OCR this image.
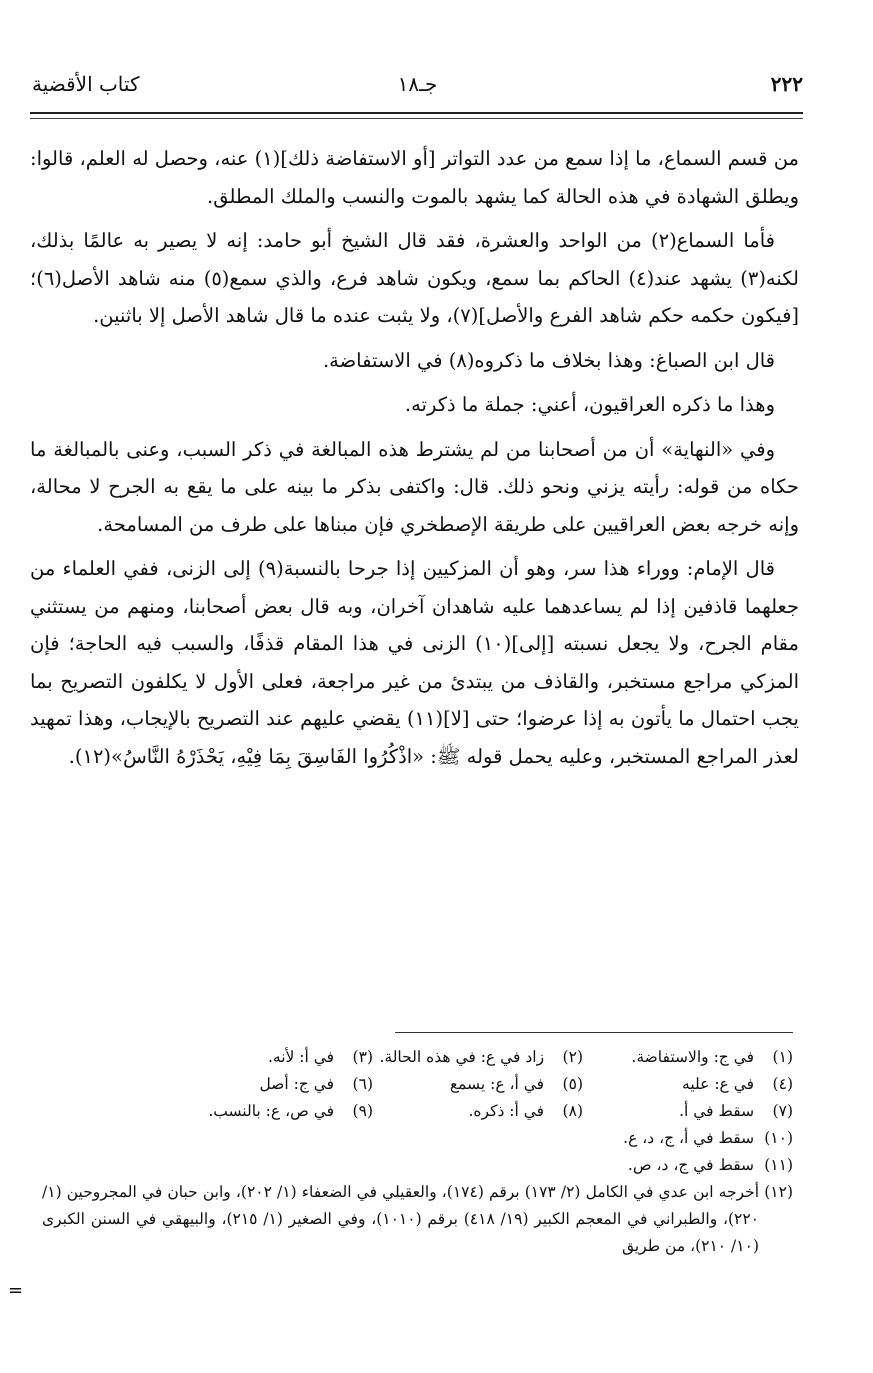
٢٢٢
جـ١٨
كتاب الأقضية

من قسم السماع، ما إذا سمع من عدد التواتر [أو الاستفاضة ذلك](١) عنه، وحصل له العلم، قالوا: ويطلق الشهادة في هذه الحالة كما يشهد بالموت والنسب والملك المطلق.

فأما السماع(٢) من الواحد والعشرة، فقد قال الشيخ أبو حامد: إنه لا يصير به عالمًا بذلك، لكنه(٣) يشهد عند(٤) الحاكم بما سمع، ويكون شاهد فرع، والذي سمع(٥) منه شاهد الأصل(٦)؛ [فيكون حكمه حكم شاهد الفرع والأصل](٧)، ولا يثبت عنده ما قال شاهد الأصل إلا باثنين.

قال ابن الصباغ: وهذا بخلاف ما ذكروه(٨) في الاستفاضة.

وهذا ما ذكره العراقيون، أعني: جملة ما ذكرته.

وفي «النهاية» أن من أصحابنا من لم يشترط هذه المبالغة في ذكر السبب، وعنى بالمبالغة ما حكاه من قوله: رأيته يزني ونحو ذلك. قال: واكتفى بذكر ما بينه على ما يقع به الجرح لا محالة، وإنه خرجه بعض العراقيين على طريقة الإصطخري فإن مبناها على طرف من المسامحة.

قال الإمام: ووراء هذا سر، وهو أن المزكيين إذا جرحا بالنسبة(٩) إلى الزنى، ففي العلماء من جعلهما قاذفين إذا لم يساعدهما عليه شاهدان آخران، وبه قال بعض أصحابنا، ومنهم من يستثني مقام الجرح، ولا يجعل نسبته [إلى](١٠) الزنى في هذا المقام قذفًا، والسبب فيه الحاجة؛ فإن المزكي مراجع مستخبر، والقاذف من يبتدئ من غير مراجعة، فعلى الأول لا يكلفون التصريح بما يجب احتمال ما يأتون به إذا عرضوا؛ حتى [لا](١١) يقضي عليهم عند التصريح بالإيجاب، وهذا تمهيد لعذر المراجع المستخبر، وعليه يحمل قوله ﷺ: «اذْكُرُوا الفَاسِقَ بِمَا فِيْهِ، يَحْذَرْهُ النَّاسُ»(١٢).

(١) في ج: والاستفاضة.
(٢) زاد في ع: في هذه الحالة.
(٣) في أ: لأنه.
(٤) في ع: عليه
(٥) في أ، ع: يسمع
(٦) في ج: أصل
(٧) سقط في أ.
(٨) في أ: ذكره.
(٩) في ص، ع: بالنسب.
(١٠) سقط في أ، ج، د، ع.
(١١) سقط في ج، د، ص.
(١٢)
أخرجه ابن عدي في الكامل (٢/ ١٧٣) برقم (١٧٤)، والعقيلي في الضعفاء (١/ ٢٠٢)، وابن حبان في المجروحين (١/ ٢٢٠)، والطبراني في المعجم الكبير (١٩/ ٤١٨) برقم (١٠١٠)، وفي الصغير (١/ ٢١٥)، والبيهقي في السنن الكبرى (١٠/ ٢١٠)، من طريق
=
